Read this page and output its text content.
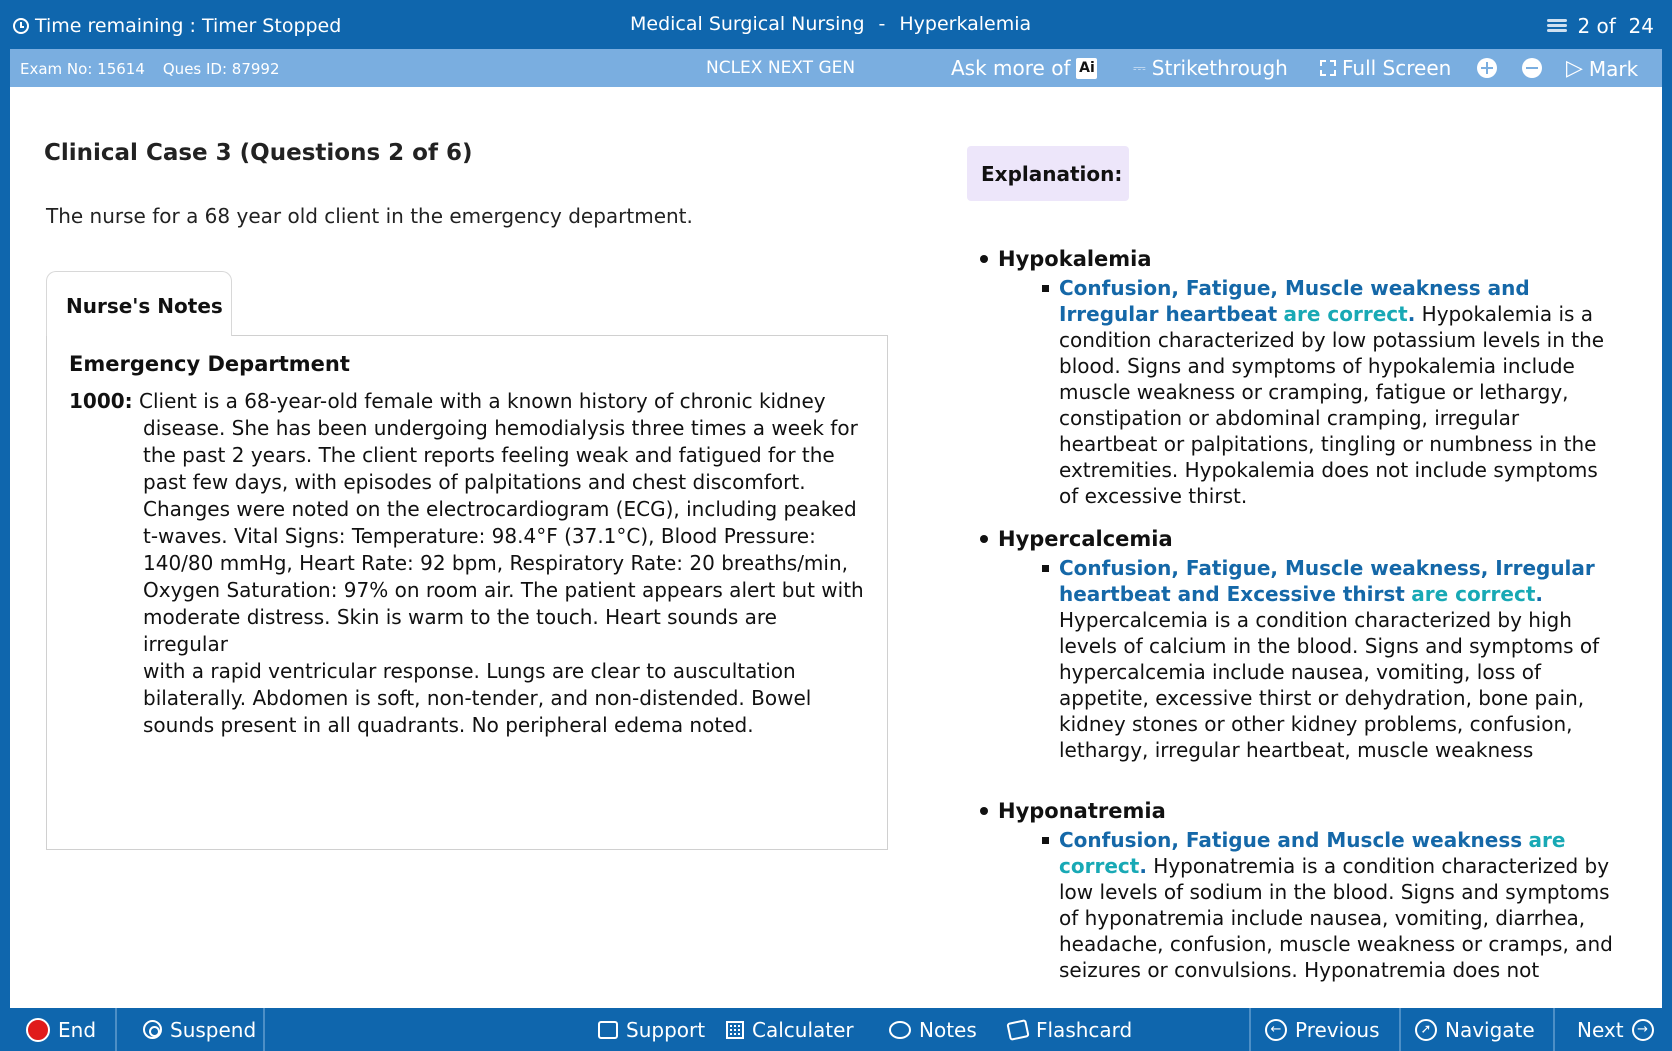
Time remaining : Timer Stopped	Medical Surgical Nursing - Hyperkalemia	2 of  24
Exam No: 15614 Ques ID: 87992	NCLEX NEXT GEN	Ask more of Ai ⎓ Strikethrough	Full Screen	▷ Mark
Clinical Case 3 (Questions 2 of 6)
The nurse for a 68 year old client in the emergency department.
Nurse's Notes
Emergency Department
1000: Client is a 68-year-old female with a known history of chronic kidney
disease. She has been undergoing hemodialysis three times a week for
the past 2 years. The client reports feeling weak and fatigued for the
past few days, with episodes of palpitations and chest discomfort.
Changes were noted on the electrocardiogram (ECG), including peaked
t-waves. Vital Signs: Temperature: 98.4°F (37.1°C), Blood Pressure:
140/80 mmHg, Heart Rate: 92 bpm, Respiratory Rate: 20 breaths/min,
Oxygen Saturation: 97% on room air. The patient appears alert but with
moderate distress. Skin is warm to the touch. Heart sounds are irregular
with a rapid ventricular response. Lungs are clear to auscultation
bilaterally. Abdomen is soft, non-tender, and non-distended. Bowel
sounds present in all quadrants. No peripheral edema noted.
Explanation:
Hypokalemia
Confusion, Fatigue, Muscle weakness and Irregular heartbeat are correct. Hypokalemia is a condition characterized by low potassium levels in the blood. Signs and symptoms of hypokalemia include muscle weakness or cramping, fatigue or lethargy, constipation or abdominal cramping, irregular heartbeat or palpitations, tingling or numbness in the extremities. Hypokalemia does not include symptoms of excessive thirst.
Hypercalcemia
Confusion, Fatigue, Muscle weakness, Irregular heartbeat and Excessive thirst are correct. Hypercalcemia is a condition characterized by high levels of calcium in the blood. Signs and symptoms of hypercalcemia include nausea, vomiting, loss of appetite, excessive thirst or dehydration, bone pain, kidney stones or other kidney problems, confusion, lethargy, irregular heartbeat, muscle weakness
Hyponatremia
Confusion, Fatigue and Muscle weakness are correct. Hyponatremia is a condition characterized by low levels of sodium in the blood. Signs and symptoms of hyponatremia include nausea, vomiting, diarrhea, headache, confusion, muscle weakness or cramps, and seizures or convulsions. Hyponatremia does not
End	Suspend	Support Calculater	Notes	Flashcard	← Previous	➚ Navigate Next	→
